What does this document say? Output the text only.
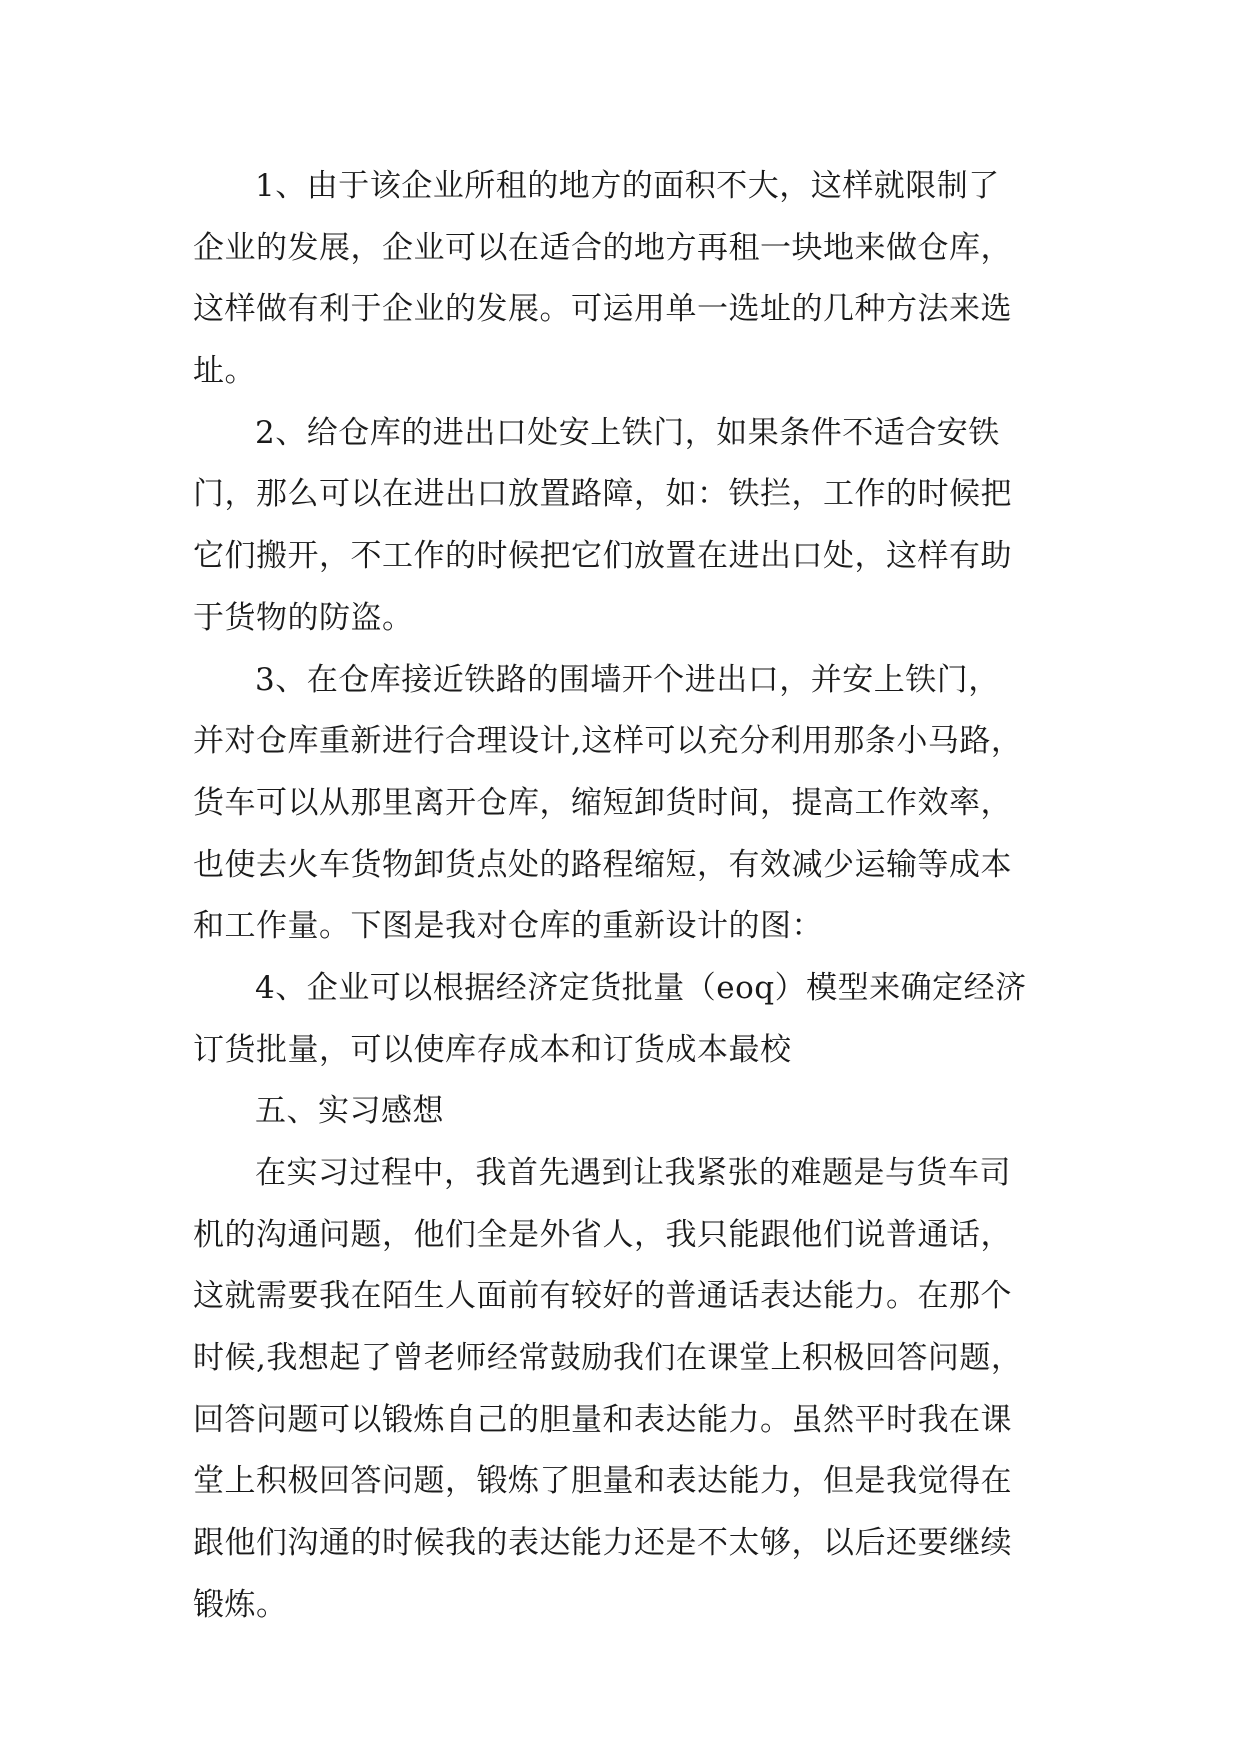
1、由于该企业所租的地方的面积不大，这样就限制了
企业的发展，企业可以在适合的地方再租一块地来做仓库，
这样做有利于企业的发展。可运用单一选址的几种方法来选
址。
2、给仓库的进出口处安上铁门，如果条件不适合安铁
门，那么可以在进出口放置路障，如：铁拦，工作的时候把
它们搬开，不工作的时候把它们放置在进出口处，这样有助
于货物的防盗。
3、在仓库接近铁路的围墙开个进出口，并安上铁门，
并对仓库重新进行合理设计,这样可以充分利用那条小马路，
货车可以从那里离开仓库，缩短卸货时间，提高工作效率，
也使去火车货物卸货点处的路程缩短，有效减少运输等成本
和工作量。下图是我对仓库的重新设计的图：
4、企业可以根据经济定货批量（eoq）模型来确定经济
订货批量，可以使库存成本和订货成本最校
五、实习感想
在实习过程中，我首先遇到让我紧张的难题是与货车司
机的沟通问题，他们全是外省人，我只能跟他们说普通话，
这就需要我在陌生人面前有较好的普通话表达能力。在那个
时候,我想起了曾老师经常鼓励我们在课堂上积极回答问题，
回答问题可以锻炼自己的胆量和表达能力。虽然平时我在课
堂上积极回答问题，锻炼了胆量和表达能力，但是我觉得在
跟他们沟通的时候我的表达能力还是不太够，以后还要继续
锻炼。
